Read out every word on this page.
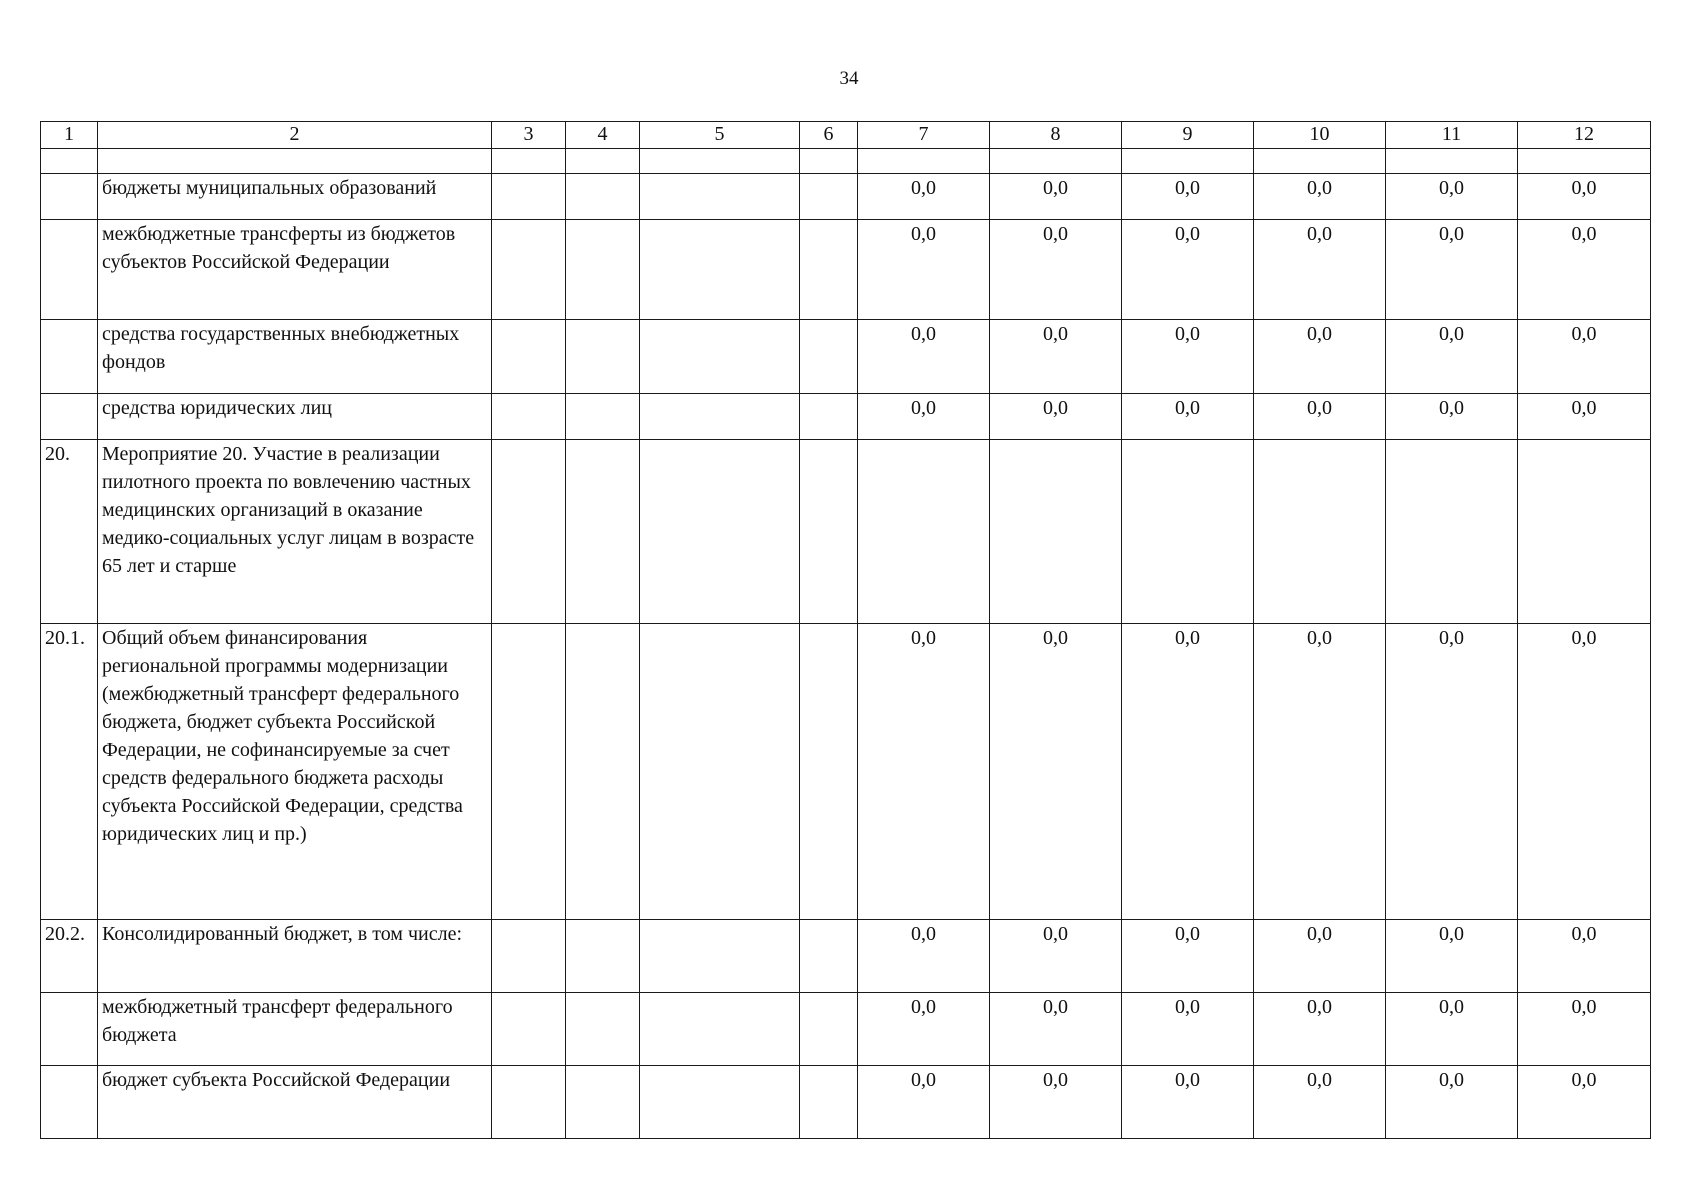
34
1	2	3	4	5	6	7	8	9	10	11	12

	бюджеты муниципальных образований					0,0	0,0	0,0	0,0	0,0	0,0
	межбюджетные трансферты из бюджетов субъектов Российской Федерации					0,0	0,0	0,0	0,0	0,0	0,0
	средства государственных внебюджетных фондов					0,0	0,0	0,0	0,0	0,0	0,0
	средства юридических лиц					0,0	0,0	0,0	0,0	0,0	0,0
20.	Мероприятие 20. Участие в реализации пилотного проекта по вовлечению частных медицинских организаций в оказание медико-социальных услуг лицам в возрасте 65 лет и старше										
20.1.	Общий объем финансирования региональной программы модернизации (межбюджетный трансферт федерального бюджета, бюджет субъекта Российской Федерации, не софинансируемые за счет средств федерального бюджета расходы субъекта Российской Федерации, средства юридических лиц и пр.)					0,0	0,0	0,0	0,0	0,0	0,0
20.2.	Консолидированный бюджет, в том числе:					0,0	0,0	0,0	0,0	0,0	0,0
	межбюджетный трансферт федерального бюджета					0,0	0,0	0,0	0,0	0,0	0,0
	бюджет субъекта Российской Федерации					0,0	0,0	0,0	0,0	0,0	0,0
